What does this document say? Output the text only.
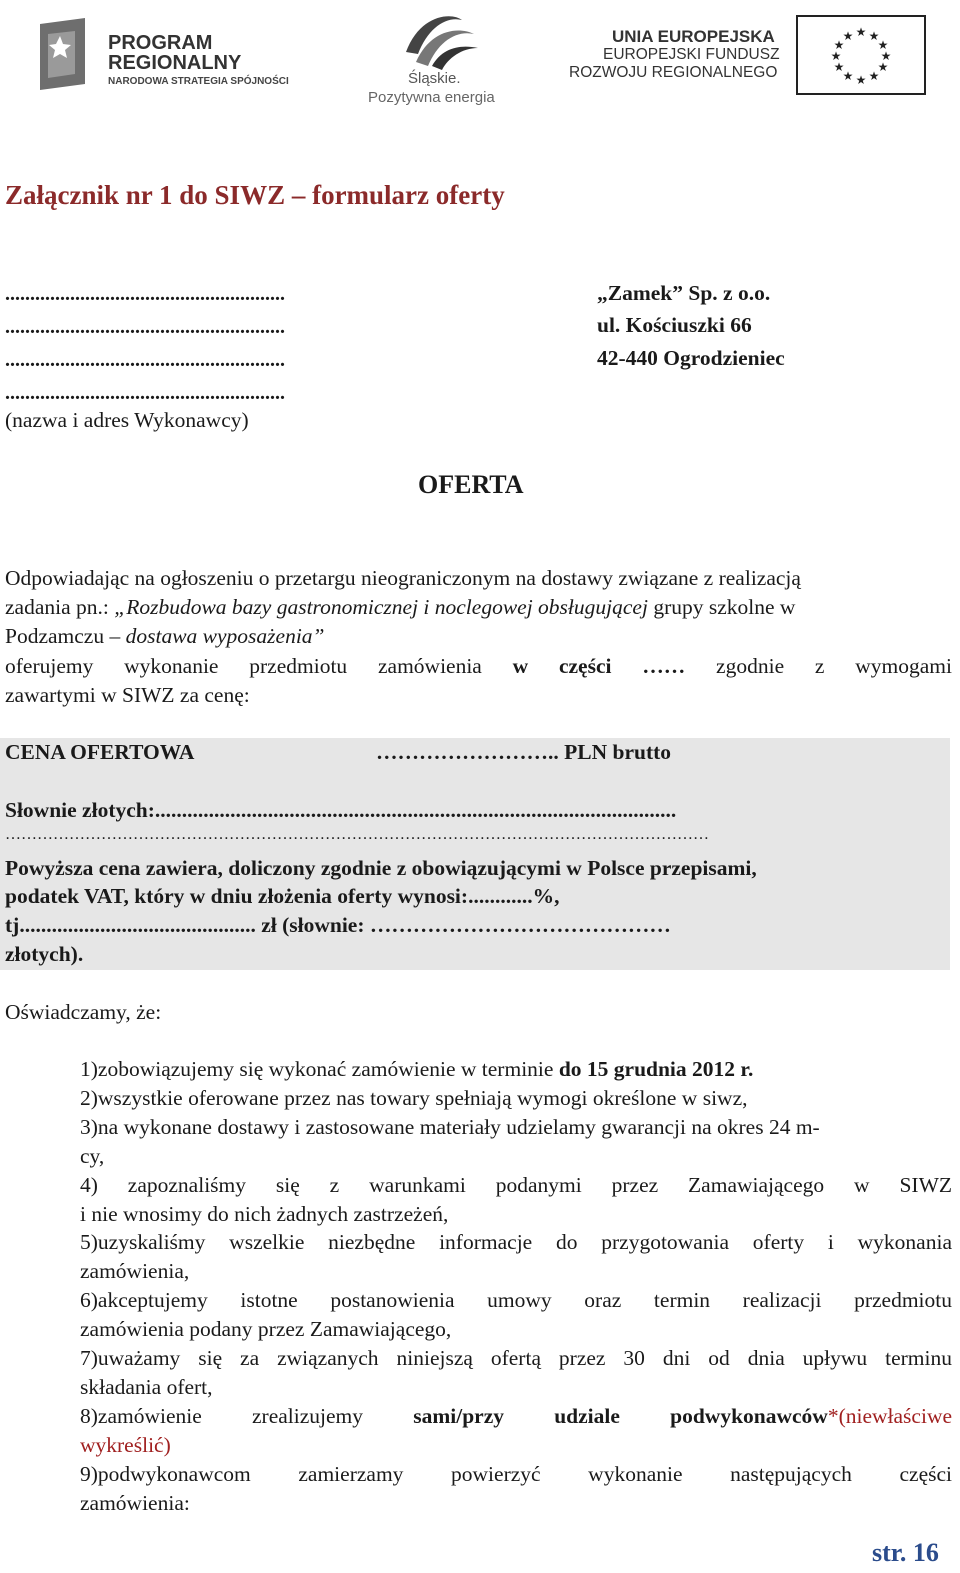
PROGRAM
REGIONALNY
NARODOWA STRATEGIA SPÓJNOŚCI	Śląskie.
Pozytywna energia
UNIA EUROPEJSKA
EUROPEJSKI FUNDUSZ
ROZWOJU REGIONALNEGO
★ ★
★
★
★
★
★
★
★
★
★
★
Załącznik nr 1 do SIWZ – formularz oferty
........................................................
........................................................
........................................................
........................................................
(nazwa i adres Wykonawcy)
„Zamek” Sp. z o.o.
ul. Kościuszki 66
42-440 Ogrodzieniec
OFERTA
Odpowiadając na ogłoszeniu o przetargu nieograniczonym na dostawy związane z realizacją
zadania pn.: „Rozbudowa bazy gastronomicznej i noclegowej obsługującej grupy szkolne w
Podzamczu – dostawa wyposażenia”
oferujemy wykonanie przedmiotu zamówienia w części …… zgodnie z wymogami
zawartymi w SIWZ za cenę:
CENA OFERTOWA	…………………….. PLN brutto
Słownie złotych:.................................................................................................
……………………………………………………………………………………………………………………
Powyższa cena zawiera, doliczony zgodnie z obowiązującymi w Polsce przepisami,
podatek VAT, który w dniu złożenia oferty wynosi:............%,
tj............................................ zł (słownie: ……………………………………
złotych).
Oświadczamy, że:
1)zobowiązujemy się wykonać zamówienie w terminie do 15 grudnia 2012 r.
2)wszystkie oferowane przez nas towary spełniają wymogi określone w siwz,
3)na wykonane dostawy i zastosowane materiały udzielamy gwarancji na okres 24 m-
cy,
4) zapoznaliśmy się z warunkami podanymi przez Zamawiającego w SIWZ
i nie wnosimy do nich żadnych zastrzeżeń,
5)uzyskaliśmy wszelkie niezbędne informacje do przygotowania oferty i wykonania
zamówienia,
6)akceptujemy istotne postanowienia umowy oraz termin realizacji przedmiotu
zamówienia podany przez Zamawiającego,
7)uważamy się za związanych niniejszą ofertą przez 30 dni od dnia upływu terminu
składania ofert,
8)zamówienie zrealizujemy sami/przy udziale podwykonawców*(niewłaściwe
wykreślić)
9)podwykonawcom zamierzamy powierzyć wykonanie następujących części
zamówienia:
str. 16
